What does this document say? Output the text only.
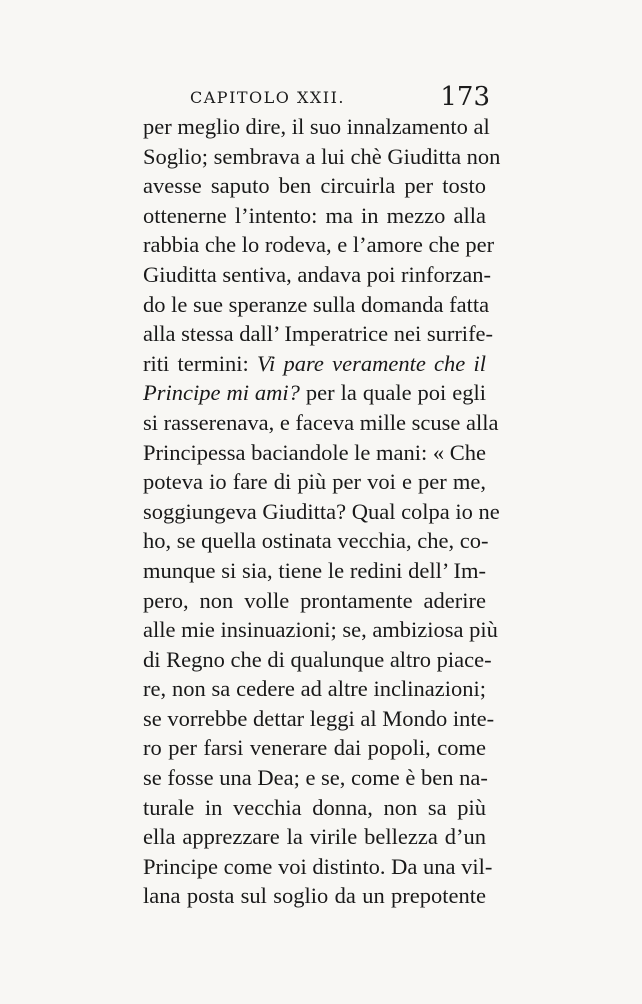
CAPITOLO XXII.	173
per meglio dire, il suo innalzamento al
Soglio; sembrava a lui chè Giuditta non
avesse saputo ben circuirla per tosto
ottenerne l’intento: ma in mezzo alla
rabbia che lo rodeva, e l’amore che per
Giuditta sentiva, andava poi rinforzan-
do le sue speranze sulla domanda fatta
alla stessa dall’ Imperatrice nei surrife-
riti termini: Vi pare veramente che il
Principe mi ami? per la quale poi egli
si rasserenava, e faceva mille scuse alla
Principessa baciandole le mani: « Che
poteva io fare di più per voi e per me,
soggiungeva Giuditta? Qual colpa io ne
ho, se quella ostinata vecchia, che, co-
munque si sia, tiene le redini dell’ Im-
pero, non volle prontamente aderire
alle mie insinuazioni; se, ambiziosa più
di Regno che di qualunque altro piace-
re, non sa cedere ad altre inclinazioni;
se vorrebbe dettar leggi al Mondo inte-
ro per farsi venerare dai popoli, come
se fosse una Dea; e se, come è ben na-
turale in vecchia donna, non sa più
ella apprezzare la virile bellezza d’un
Principe come voi distinto. Da una vil-
lana posta sul soglio da un prepotente
